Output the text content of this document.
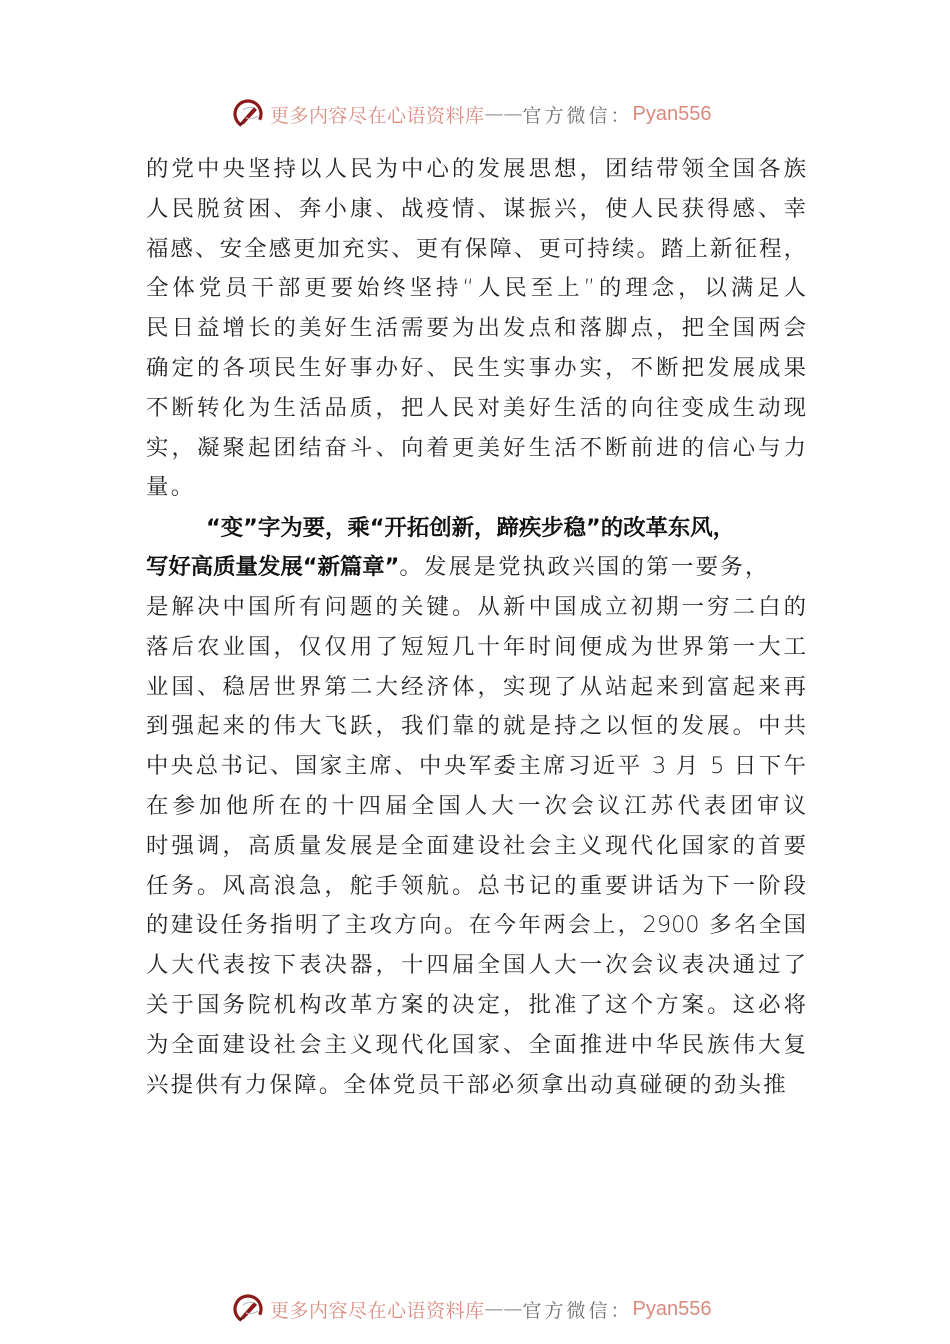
更多内容尽在心语资料库 —— 官方微信： Pyan556
的党中央坚持以人民为中心的发展思想，团结带领全国各族
人民脱贫困、奔小康、战疫情、谋振兴，使人民获得感、幸
福感、安全感更加充实、更有保障、更可持续。踏上新征程，
全体党员干部更要始终坚持“人民至上”的理念，以满足人
民日益增长的美好生活需要为出发点和落脚点，把全国两会
确定的各项民生好事办好、民生实事办实，不断把发展成果
不断转化为生活品质，把人民对美好生活的向往变成生动现
实，凝聚起团结奋斗、向着更美好生活不断前进的信心与力
量。
“变”字为要，乘“开拓创新，蹄疾步稳”的改革东风，
写好高质量发展“新篇章”。发展是党执政兴国的第一要务，
是解决中国所有问题的关键。从新中国成立初期一穷二白的
落后农业国，仅仅用了短短几十年时间便成为世界第一大工
业国、稳居世界第二大经济体，实现了从站起来到富起来再
到强起来的伟大飞跃，我们靠的就是持之以恒的发展。中共
中央总书记、国家主席、中央军委主席习近平 3 月 5 日下午
在参加他所在的十四届全国人大一次会议江苏代表团审议
时强调，高质量发展是全面建设社会主义现代化国家的首要
任务。风高浪急，舵手领航。总书记的重要讲话为下一阶段
的建设任务指明了主攻方向。在今年两会上，2900 多名全国
人大代表按下表决器，十四届全国人大一次会议表决通过了
关于国务院机构改革方案的决定，批准了这个方案。这必将
为全面建设社会主义现代化国家、全面推进中华民族伟大复
兴提供有力保障。全体党员干部必须拿出动真碰硬的劲头推
更多内容尽在心语资料库 —— 官方微信： Pyan556
